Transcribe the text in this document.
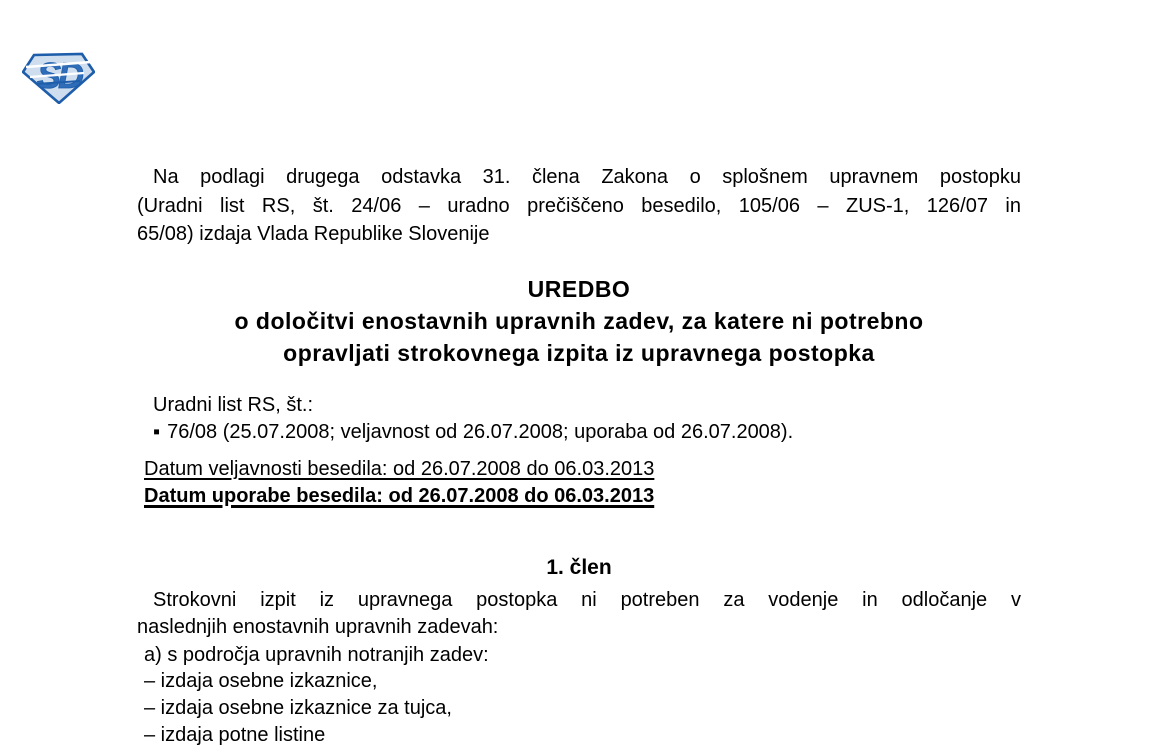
SD
Na podlagi drugega odstavka 31. člena Zakona o splošnem upravnem postopku
(Uradni list RS, št. 24/06 – uradno prečiščeno besedilo, 105/06 – ZUS-1, 126/07 in
65/08) izdaja Vlada Republike Slovenije
UREDBO
o določitvi enostavnih upravnih zadev, za katere ni potrebno
opravljati strokovnega izpita iz upravnega postopka
Uradni list RS, št.:
▪ 76/08 (25.07.2008; veljavnost od 26.07.2008; uporaba od 26.07.2008).
Datum veljavnosti besedila: od 26.07.2008 do 06.03.2013
Datum uporabe besedila: od 26.07.2008 do 06.03.2013
1. člen
Strokovni izpit iz upravnega postopka ni potreben za vodenje in odločanje v
naslednjih enostavnih upravnih zadevah:
a) s področja upravnih notranjih zadev:
– izdaja osebne izkaznice,
– izdaja osebne izkaznice za tujca,
– izdaja potne listine
